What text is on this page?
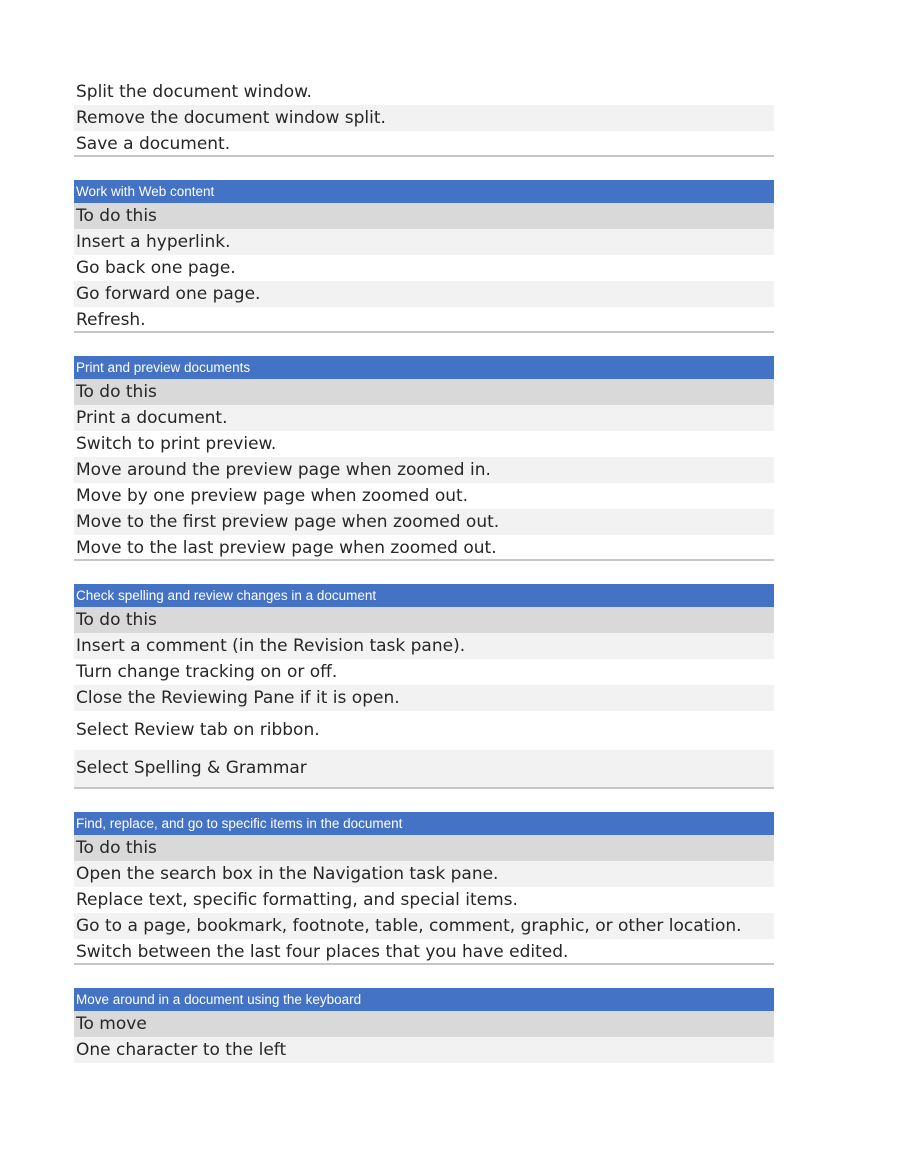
Split the document window.
Remove the document window split.
Save a document.
Work with Web content
To do this
Insert a hyperlink.
Go back one page.
Go forward one page.
Refresh.
Print and preview documents
To do this
Print a document.
Switch to print preview.
Move around the preview page when zoomed in.
Move by one preview page when zoomed out.
Move to the first preview page when zoomed out.
Move to the last preview page when zoomed out.
Check spelling and review changes in a document
To do this
Insert a comment (in the Revision task pane).
Turn change tracking on or off.
Close the Reviewing Pane if it is open.
Select Review tab on ribbon.
Select Spelling & Grammar
Find, replace, and go to specific items in the document
To do this
Open the search box in the Navigation task pane.
Replace text, specific formatting, and special items.
Go to a page, bookmark, footnote, table, comment, graphic, or other location.
Switch between the last four places that you have edited.
Move around in a document using the keyboard
To move
One character to the left
